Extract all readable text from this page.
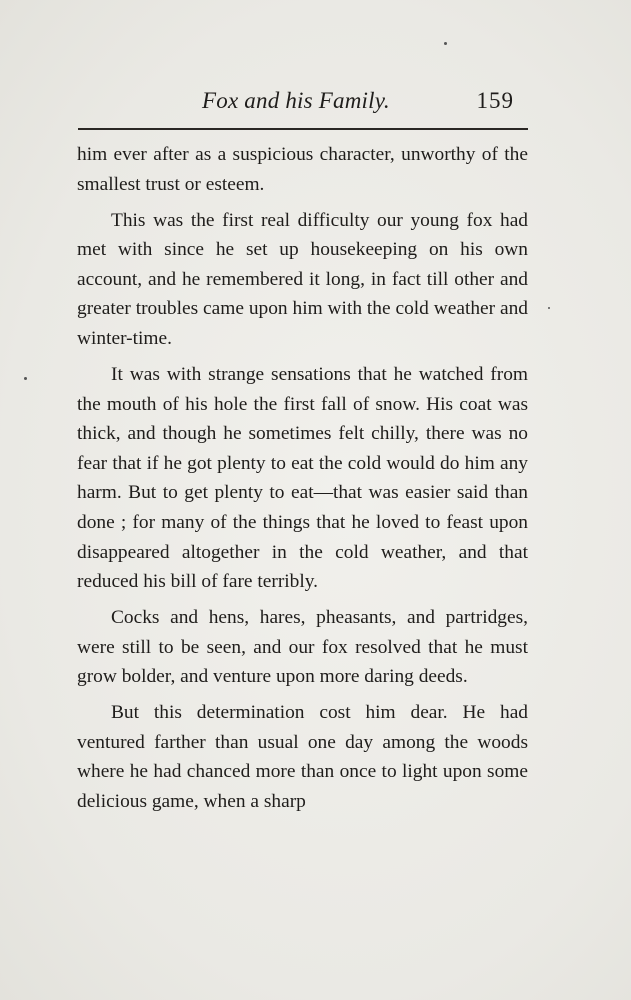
Fox and his Family.	159

him ever after as a suspicious character, unworthy of the smallest trust or esteem.

This was the first real difficulty our young fox had met with since he set up housekeeping on his own account, and he remembered it long, in fact till other and greater troubles came upon him with the cold weather and winter-time.

It was with strange sensations that he watched from the mouth of his hole the first fall of snow. His coat was thick, and though he sometimes felt chilly, there was no fear that if he got plenty to eat the cold would do him any harm. But to get plenty to eat—that was easier said than done ; for many of the things that he loved to feast upon disappeared altogether in the cold weather, and that reduced his bill of fare terribly.

Cocks and hens, hares, pheasants, and partridges, were still to be seen, and our fox resolved that he must grow bolder, and venture upon more daring deeds.

But this determination cost him dear. He had ventured farther than usual one day among the woods where he had chanced more than once to light upon some delicious game, when a sharp
